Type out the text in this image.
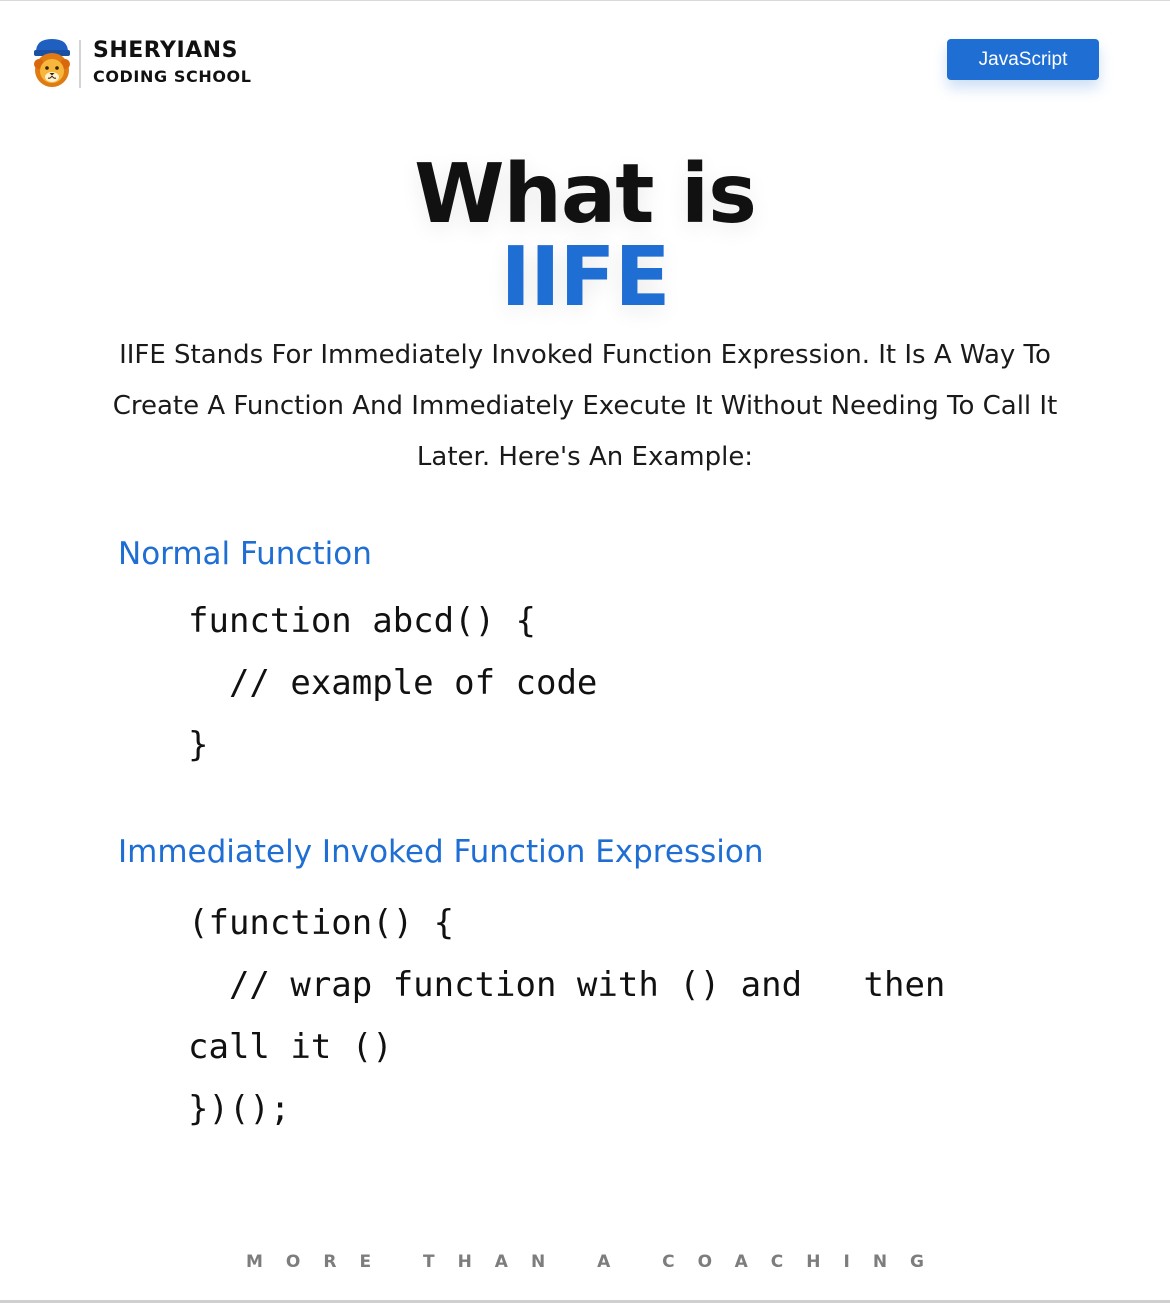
SHERYIANS
CODING SCHOOL
JavaScript
What is
IIFE
IIFE Stands For Immediately Invoked Function Expression. It Is A Way To Create A Function And Immediately Execute It Without Needing To Call It Later. Here's An Example:
Normal Function
function abcd() {
// example of code
}
Immediately Invoked Function Expression
(function() {
// wrap function with () and   then
call it ()
})();
MORE THAN A COACHING
